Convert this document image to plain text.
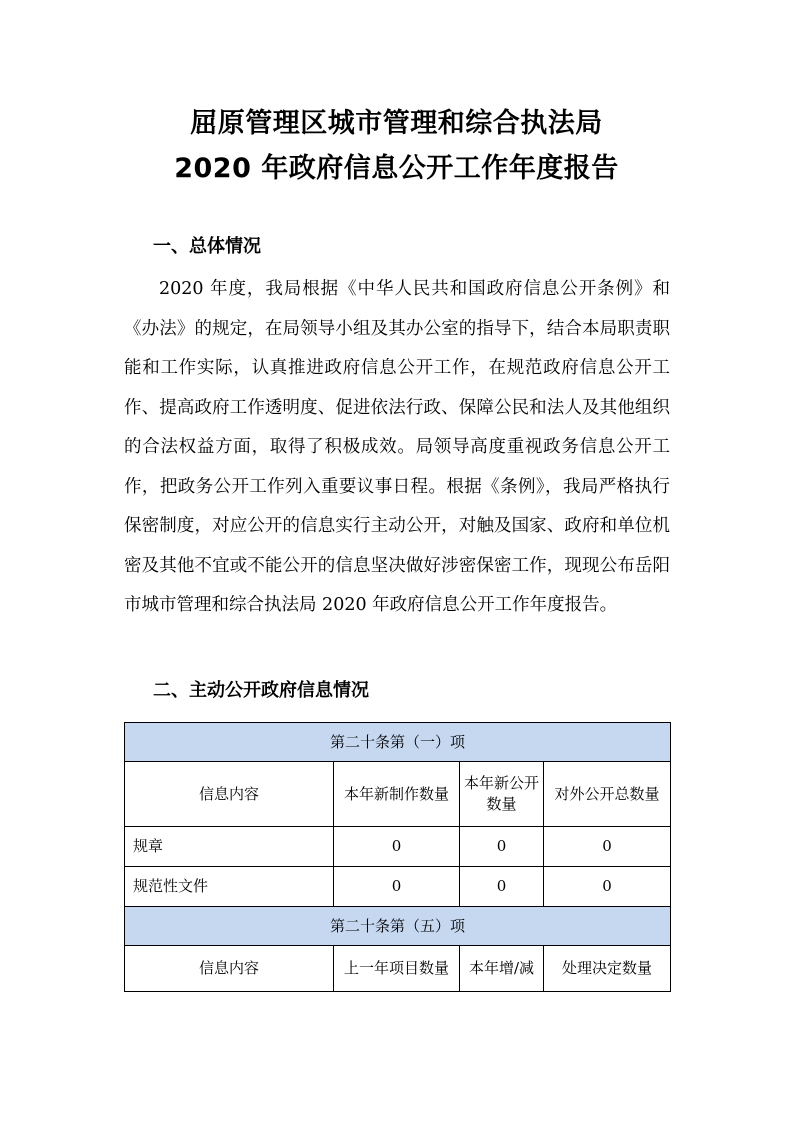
屈原管理区城市管理和综合执法局
2020 年政府信息公开工作年度报告
一、总体情况
2020 年度，我局根据《中华人民共和国政府信息公开条例》和《办法》的规定，在局领导小组及其办公室的指导下，结合本局职责职能和工作实际，认真推进政府信息公开工作，在规范政府信息公开工作、提高政府工作透明度、促进依法行政、保障公民和法人及其他组织的合法权益方面，取得了积极成效。局领导高度重视政务信息公开工作，把政务公开工作列入重要议事日程。根据《条例》，我局严格执行保密制度，对应公开的信息实行主动公开，对触及国家、政府和单位机密及其他不宜或不能公开的信息坚决做好涉密保密工作，现现公布岳阳市城市管理和综合执法局 2020 年政府信息公开工作年度报告。
二、主动公开政府信息情况
第二十条第（一）项			
信息内容	本年新制作数量	本年新公开数量	对外公开总数量
规章	0	0	0
规范性文件	0	0	0
第二十条第（五）项			
信息内容	上一年项目数量	本年增/减	处理决定数量
